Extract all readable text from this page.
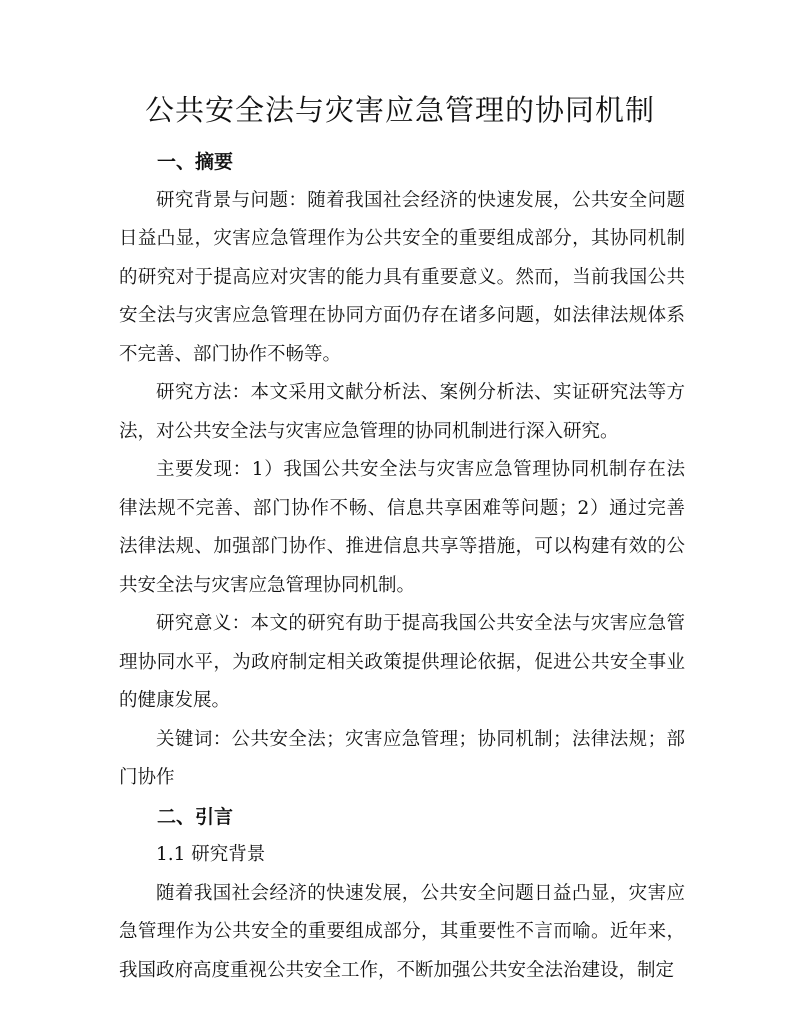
公共安全法与灾害应急管理的协同机制

一、摘要

研究背景与问题：随着我国社会经济的快速发展，公共安全问题日益凸显，灾害应急管理作为公共安全的重要组成部分，其协同机制的研究对于提高应对灾害的能力具有重要意义。然而，当前我国公共安全法与灾害应急管理在协同方面仍存在诸多问题，如法律法规体系不完善、部门协作不畅等。

研究方法：本文采用文献分析法、案例分析法、实证研究法等方法，对公共安全法与灾害应急管理的协同机制进行深入研究。

主要发现：1）我国公共安全法与灾害应急管理协同机制存在法律法规不完善、部门协作不畅、信息共享困难等问题；2）通过完善法律法规、加强部门协作、推进信息共享等措施，可以构建有效的公共安全法与灾害应急管理协同机制。

研究意义：本文的研究有助于提高我国公共安全法与灾害应急管理协同水平，为政府制定相关政策提供理论依据，促进公共安全事业的健康发展。

关键词：公共安全法；灾害应急管理；协同机制；法律法规；部门协作

二、引言

1.1 研究背景

随着我国社会经济的快速发展，公共安全问题日益凸显，灾害应急管理作为公共安全的重要组成部分，其重要性不言而喻。近年来，我国政府高度重视公共安全工作，不断加强公共安全法治建设，制定
